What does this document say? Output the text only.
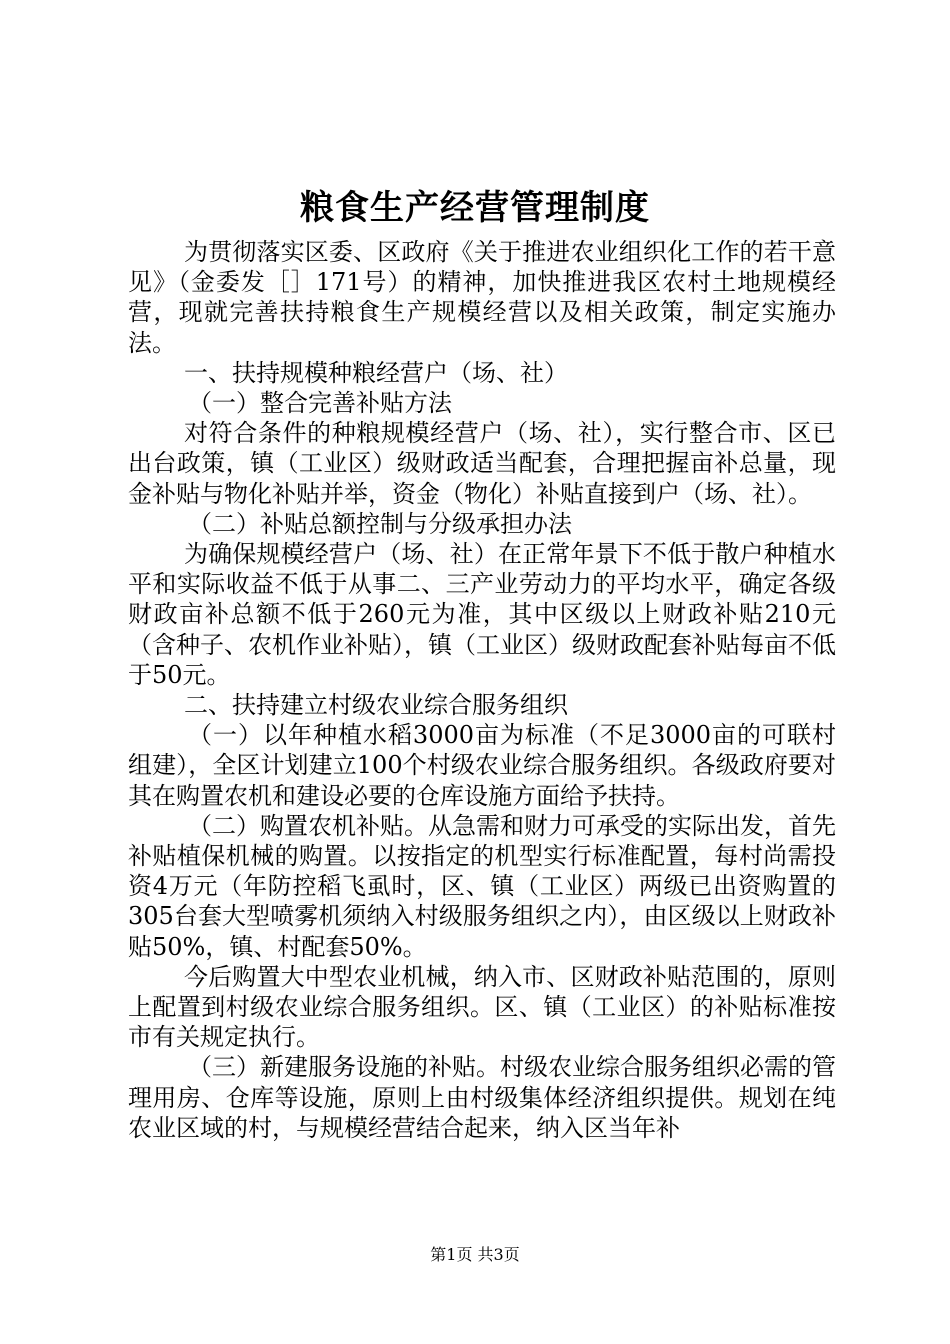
粮食生产经营管理制度

为贯彻落实区委、区政府《关于推进农业组织化工作的若干意见》（金委发［］171号）的精神，加快推进我区农村土地规模经营，现就完善扶持粮食生产规模经营以及相关政策，制定实施办法。

一、扶持规模种粮经营户（场、社）

（一）整合完善补贴方法

对符合条件的种粮规模经营户（场、社），实行整合市、区已出台政策，镇（工业区）级财政适当配套，合理把握亩补总量，现金补贴与物化补贴并举，资金（物化）补贴直接到户（场、社）。

（二）补贴总额控制与分级承担办法

为确保规模经营户（场、社）在正常年景下不低于散户种植水平和实际收益不低于从事二、三产业劳动力的平均水平，确定各级财政亩补总额不低于260元为准，其中区级以上财政补贴210元（含种子、农机作业补贴），镇（工业区）级财政配套补贴每亩不低于50元。

二、扶持建立村级农业综合服务组织

（一）以年种植水稻3000亩为标准（不足3000亩的可联村组建），全区计划建立100个村级农业综合服务组织。各级政府要对其在购置农机和建设必要的仓库设施方面给予扶持。

（二）购置农机补贴。从急需和财力可承受的实际出发，首先补贴植保机械的购置。以按指定的机型实行标准配置，每村尚需投资4万元（年防控稻飞虱时，区、镇（工业区）两级已出资购置的305台套大型喷雾机须纳入村级服务组织之内），由区级以上财政补贴50%，镇、村配套50%。

今后购置大中型农业机械，纳入市、区财政补贴范围的，原则上配置到村级农业综合服务组织。区、镇（工业区）的补贴标准按市有关规定执行。

（三）新建服务设施的补贴。村级农业综合服务组织必需的管理用房、仓库等设施，原则上由村级集体经济组织提供。规划在纯农业区域的村，与规模经营结合起来，纳入区当年补

第1页 共3页
